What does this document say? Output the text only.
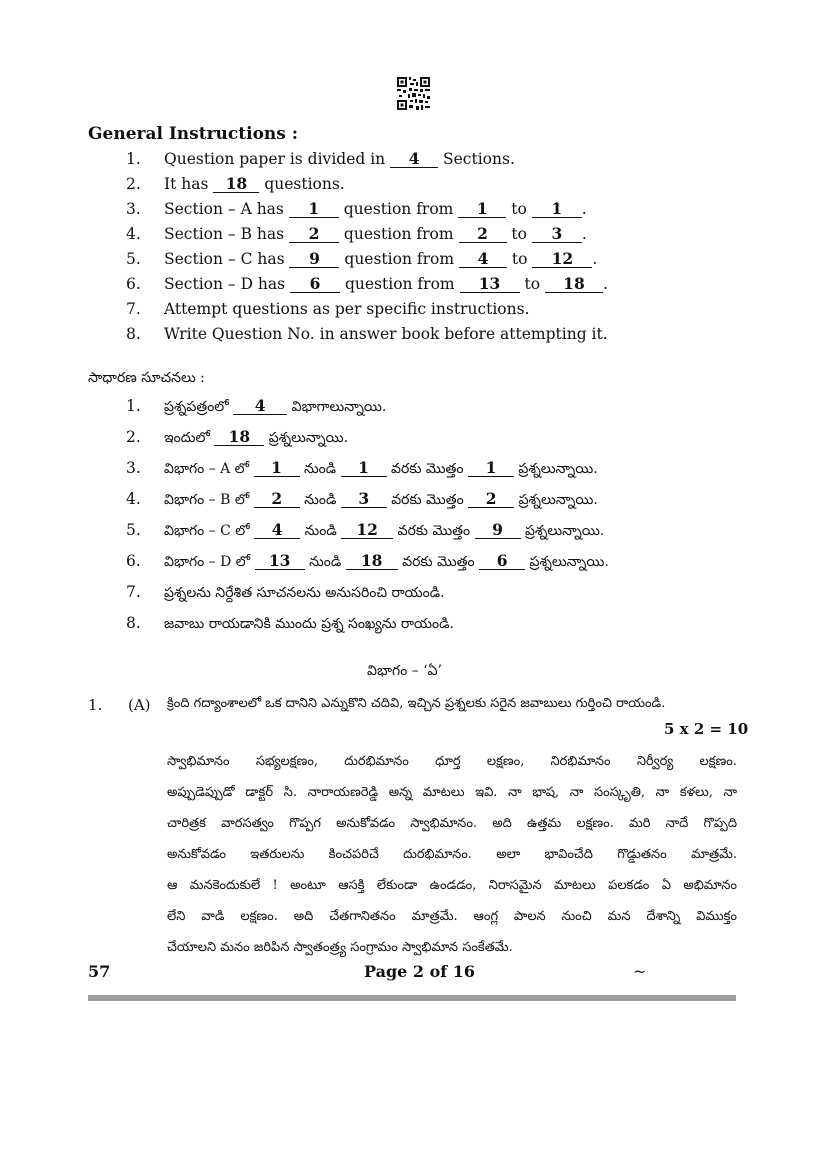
General Instructions :
1. Question paper is divided in 4 Sections.
2. It has 18 questions.
3. Section – A has 1 question from 1 to 1 .
4. Section – B has 2 question from 2 to 3 .
5. Section – C has 9 question from 4 to 12 .
6. Section – D has 6 question from 13 to 18 .
7. Attempt questions as per specific instructions.
8. Write Question No. in answer book before attempting it.
సాధారణ సూచనలు :
1. ప్రశ్నపత్రంలో 4 విభాగాలున్నాయి.
2. ఇందులో 18 ప్రశ్నలున్నాయి.
3. విభాగం – A లో 1 నుండి 1 వరకు మొత్తం 1 ప్రశ్నలున్నాయి.
4. విభాగం – B లో 2 నుండి 3 వరకు మొత్తం 2 ప్రశ్నలున్నాయి.
5. విభాగం – C లో 4 నుండి 12 వరకు మొత్తం 9 ప్రశ్నలున్నాయి.
6. విభాగం – D లో 13 నుండి 18 వరకు మొత్తం 6 ప్రశ్నలున్నాయి.
7. ప్రశ్నలను నిర్దేశిత సూచనలను అనుసరించి రాయండి.
8. జవాబు రాయడానికి ముందు ప్రశ్న సంఖ్యను రాయండి.
విభాగం – ‘ఏ’
1. (A) క్రింది గద్యాంశాలలో ఒక దానిని ఎన్నుకొని చదివి, ఇచ్చిన ప్రశ్నలకు సరైన జవాబులు గుర్తించి రాయండి.
5 x 2 = 10
స్వాభిమానం సభ్యలక్షణం, దురభిమానం ధూర్త లక్షణం, నిరభిమానం నిర్వీర్య లక్షణం.
అప్పుడెప్పుడో డాక్టర్ సి. నారాయణరెడ్డి అన్న మాటలు ఇవి. నా భాష, నా సంస్కృతి, నా కళలు, నా
చారిత్రక వారసత్వం గొప్పగ అనుకోవడం స్వాభిమానం. అది ఉత్తమ లక్షణం. మరి నాదే గొప్పది
అనుకోవడం ఇతరులను కించపరిచే దురభిమానం. అలా భావించేది గొడ్డుతనం మాత్రమే.
ఆ మనకెందుకులే ! అంటూ ఆసక్తి లేకుండా ఉండడం, నిరాసమైన మాటలు పలకడం ఏ అభిమానం
లేని వాడి లక్షణం. అది చేతగానితనం మాత్రమే. ఆంగ్ల పాలన నుంచి మన దేశాన్ని విముక్తం
చేయాలని మనం జరిపిన స్వాతంత్ర్య సంగ్రామం స్వాభిమాన సంకేతమే.
57	Page 2 of 16	~
